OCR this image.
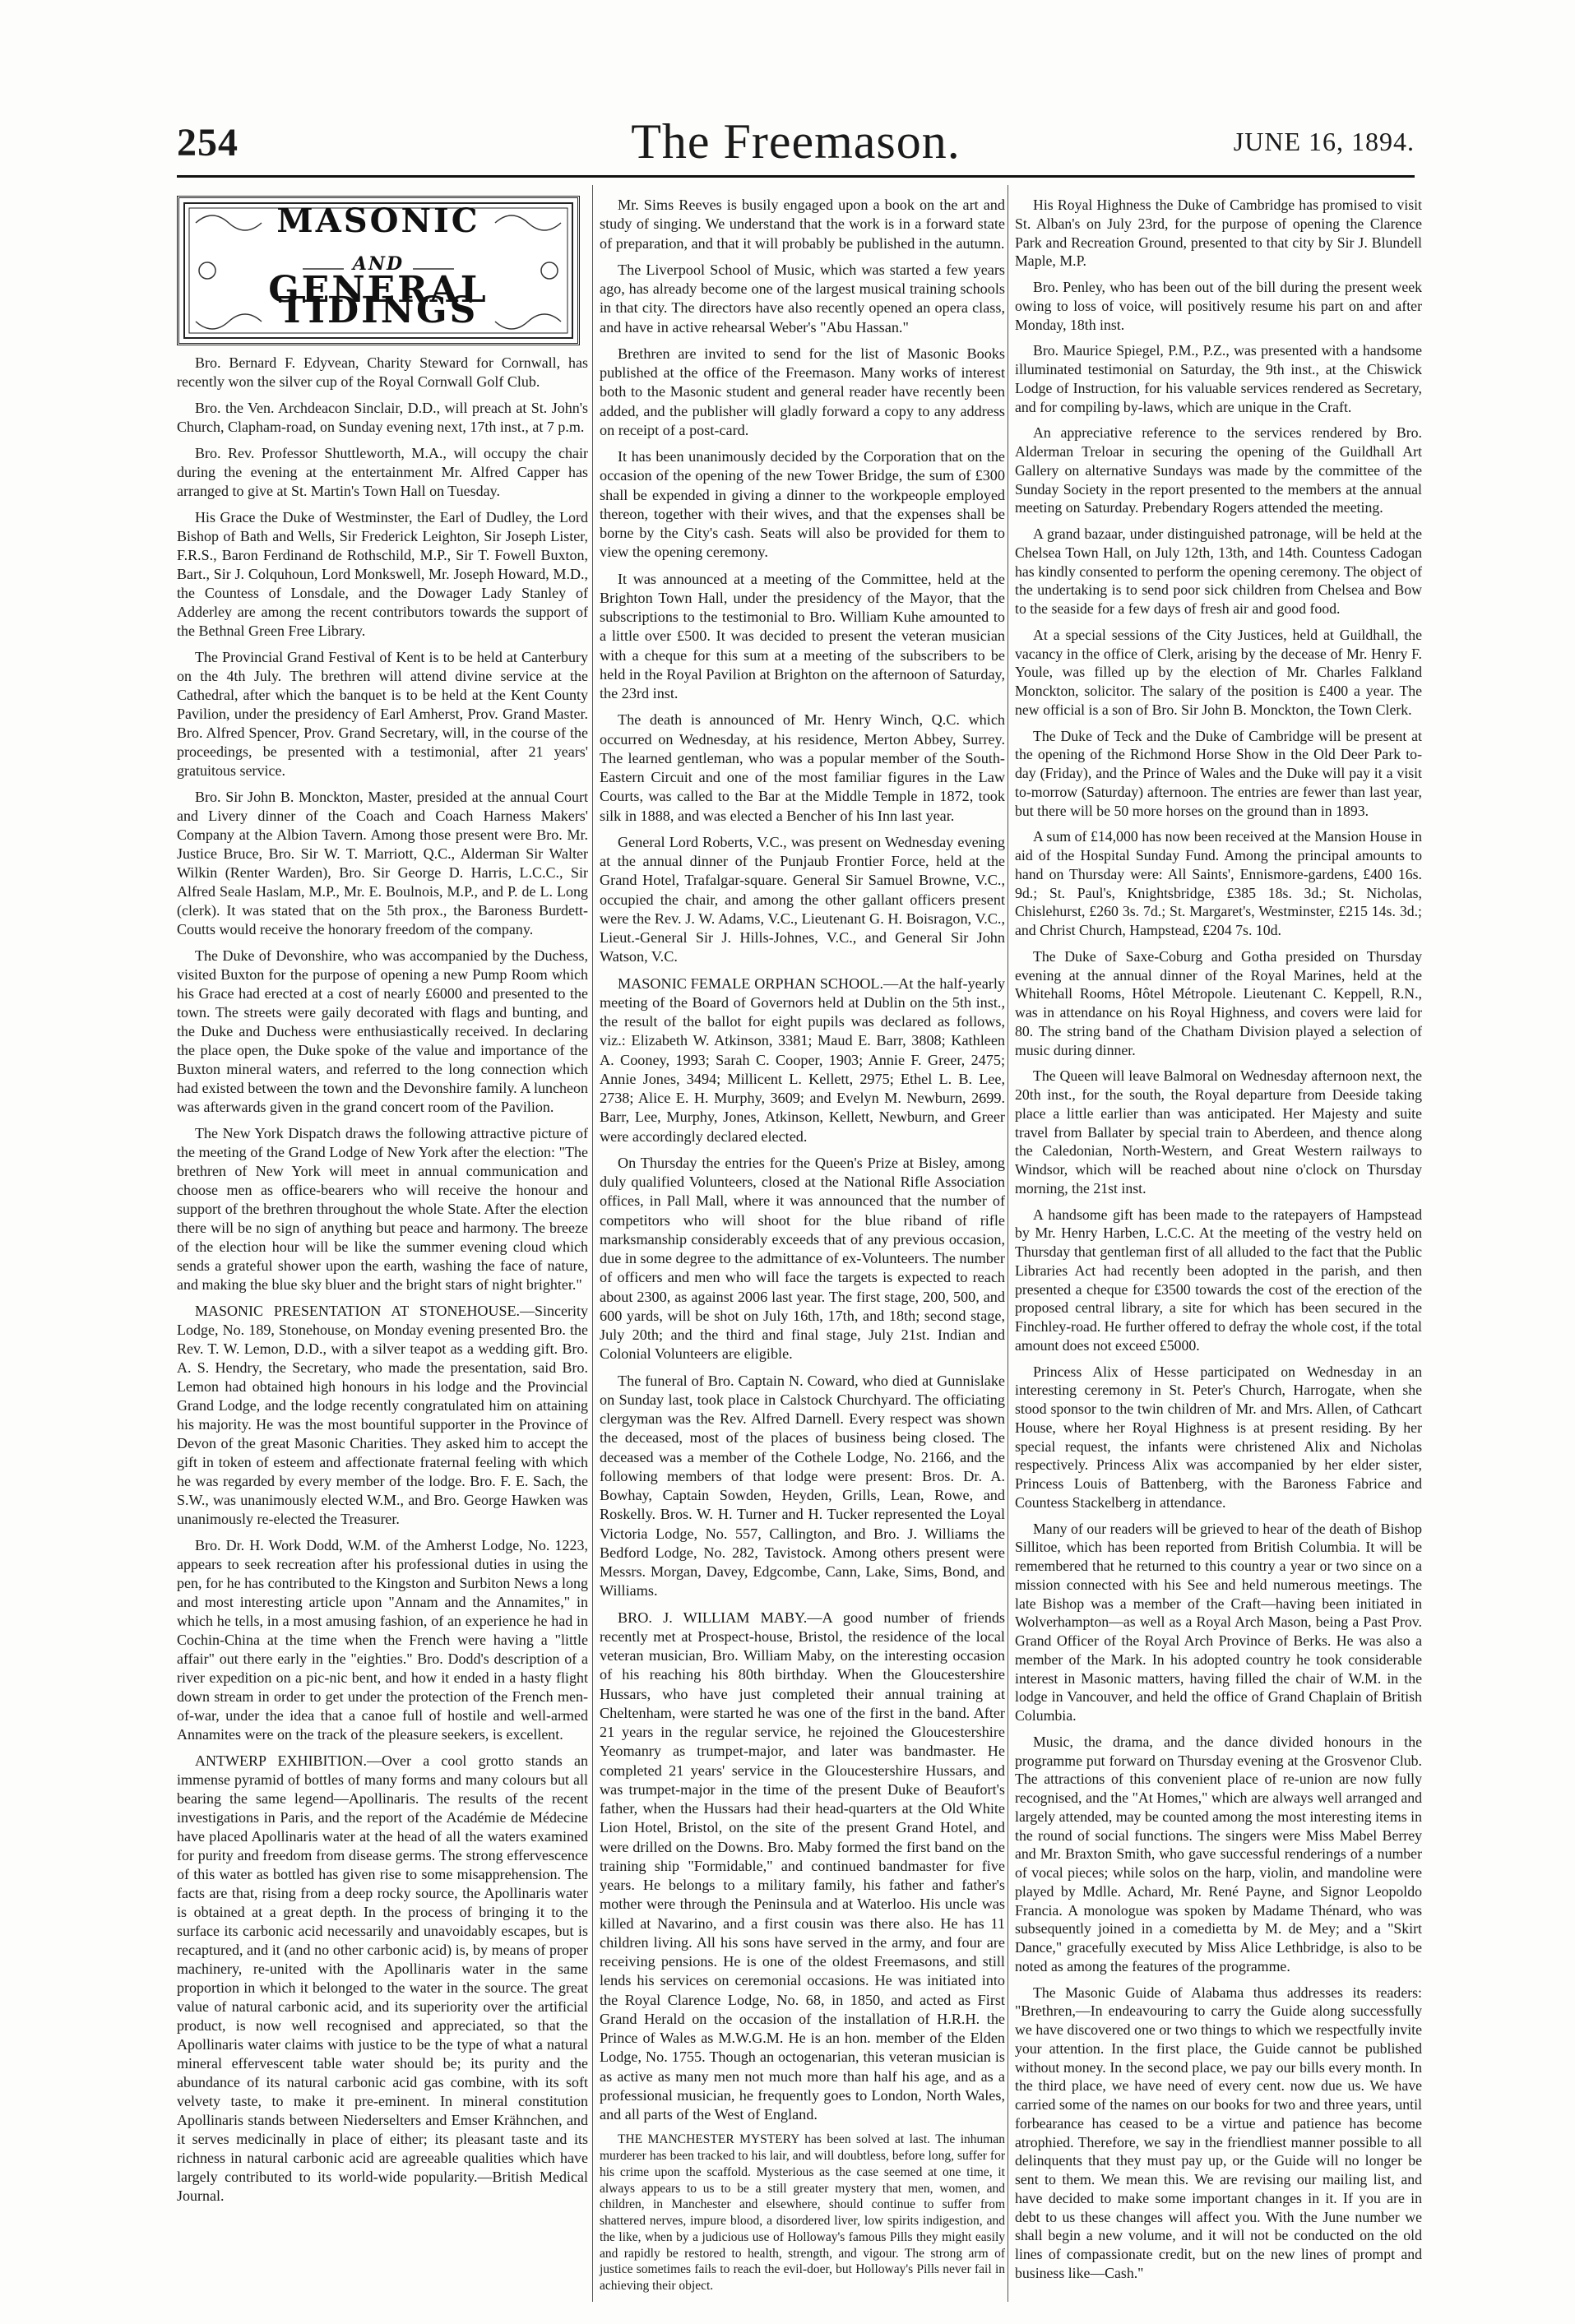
254	The Freemason.	JUNE 16, 1894.
MASONIC
AND
GENERAL TIDINGS

Bro. Bernard F. Edyvean, Charity Steward for Cornwall, has recently won the silver cup of the Royal Cornwall Golf Club.

Bro. the Ven. Archdeacon Sinclair, D.D., will preach at St. John's Church, Clapham-road, on Sunday evening next, 17th inst., at 7 p.m.

Bro. Rev. Professor Shuttleworth, M.A., will occupy the chair during the evening at the entertainment Mr. Alfred Capper has arranged to give at St. Martin's Town Hall on Tuesday.

His Grace the Duke of Westminster, the Earl of Dudley, the Lord Bishop of Bath and Wells, Sir Frederick Leighton, Sir Joseph Lister, F.R.S., Baron Ferdinand de Rothschild, M.P., Sir T. Fowell Buxton, Bart., Sir J. Colquhoun, Lord Monkswell, Mr. Joseph Howard, M.D., the Countess of Lonsdale, and the Dowager Lady Stanley of Adderley are among the recent contributors towards the support of the Bethnal Green Free Library.

The Provincial Grand Festival of Kent is to be held at Canterbury on the 4th July. The brethren will attend divine service at the Cathedral, after which the banquet is to be held at the Kent County Pavilion, under the presidency of Earl Amherst, Prov. Grand Master. Bro. Alfred Spencer, Prov. Grand Secretary, will, in the course of the proceedings, be presented with a testimonial, after 21 years' gratuitous service.

Bro. Sir John B. Monckton, Master, presided at the annual Court and Livery dinner of the Coach and Coach Harness Makers' Company at the Albion Tavern. Among those present were Bro. Mr. Justice Bruce, Bro. Sir W. T. Marriott, Q.C., Alderman Sir Walter Wilkin (Renter Warden), Bro. Sir George D. Harris, L.C.C., Sir Alfred Seale Haslam, M.P., Mr. E. Boulnois, M.P., and P. de L. Long (clerk). It was stated that on the 5th prox., the Baroness Burdett-Coutts would receive the honorary freedom of the company.

The Duke of Devonshire, who was accompanied by the Duchess, visited Buxton for the purpose of opening a new Pump Room which his Grace had erected at a cost of nearly £6000 and presented to the town. The streets were gaily decorated with flags and bunting, and the Duke and Duchess were enthusiastically received. In declaring the place open, the Duke spoke of the value and importance of the Buxton mineral waters, and referred to the long connection which had existed between the town and the Devonshire family. A luncheon was afterwards given in the grand concert room of the Pavilion.

The New York Dispatch draws the following attractive picture of the meeting of the Grand Lodge of New York after the election: "The brethren of New York will meet in annual communication and choose men as office-bearers who will receive the honour and support of the brethren throughout the whole State. After the election there will be no sign of anything but peace and harmony. The breeze of the election hour will be like the summer evening cloud which sends a grateful shower upon the earth, washing the face of nature, and making the blue sky bluer and the bright stars of night brighter."

MASONIC PRESENTATION AT STONEHOUSE.—Sincerity Lodge, No. 189, Stonehouse, on Monday evening presented Bro. the Rev. T. W. Lemon, D.D., with a silver teapot as a wedding gift. Bro. A. S. Hendry, the Secretary, who made the presentation, said Bro. Lemon had obtained high honours in his lodge and the Provincial Grand Lodge, and the lodge recently congratulated him on attaining his majority. He was the most bountiful supporter in the Province of Devon of the great Masonic Charities. They asked him to accept the gift in token of esteem and affectionate fraternal feeling with which he was regarded by every member of the lodge. Bro. F. E. Sach, the S.W., was unanimously elected W.M., and Bro. George Hawken was unanimously re-elected the Treasurer.

Bro. Dr. H. Work Dodd, W.M. of the Amherst Lodge, No. 1223, appears to seek recreation after his professional duties in using the pen, for he has contributed to the Kingston and Surbiton News a long and most interesting article upon "Annam and the Annamites," in which he tells, in a most amusing fashion, of an experience he had in Cochin-China at the time when the French were having a "little affair" out there early in the "eighties." Bro. Dodd's description of a river expedition on a pic-nic bent, and how it ended in a hasty flight down stream in order to get under the protection of the French men-of-war, under the idea that a canoe full of hostile and well-armed Annamites were on the track of the pleasure seekers, is excellent.

ANTWERP EXHIBITION.—Over a cool grotto stands an immense pyramid of bottles of many forms and many colours but all bearing the same legend—Apollinaris. The results of the recent investigations in Paris, and the report of the Académie de Médecine have placed Apollinaris water at the head of all the waters examined for purity and freedom from disease germs. The strong effervescence of this water as bottled has given rise to some misapprehension. The facts are that, rising from a deep rocky source, the Apollinaris water is obtained at a great depth. In the process of bringing it to the surface its carbonic acid necessarily and unavoidably escapes, but is recaptured, and it (and no other carbonic acid) is, by means of proper machinery, re-united with the Apollinaris water in the same proportion in which it belonged to the water in the source. The great value of natural carbonic acid, and its superiority over the artificial product, is now well recognised and appreciated, so that the Apollinaris water claims with justice to be the type of what a natural mineral effervescent table water should be; its purity and the abundance of its natural carbonic acid gas combine, with its soft velvety taste, to make it pre-eminent. In mineral constitution Apollinaris stands between Niederselters and Emser Krähnchen, and it serves medicinally in place of either; its pleasant taste and its richness in natural carbonic acid are agreeable qualities which have largely contributed to its world-wide popularity.—British Medical Journal.

Mr. Sims Reeves is busily engaged upon a book on the art and study of singing. We understand that the work is in a forward state of preparation, and that it will probably be published in the autumn.

The Liverpool School of Music, which was started a few years ago, has already become one of the largest musical training schools in that city. The directors have also recently opened an opera class, and have in active rehearsal Weber's "Abu Hassan."

Brethren are invited to send for the list of Masonic Books published at the office of the Freemason. Many works of interest both to the Masonic student and general reader have recently been added, and the publisher will gladly forward a copy to any address on receipt of a post-card.

It has been unanimously decided by the Corporation that on the occasion of the opening of the new Tower Bridge, the sum of £300 shall be expended in giving a dinner to the workpeople employed thereon, together with their wives, and that the expenses shall be borne by the City's cash. Seats will also be provided for them to view the opening ceremony.

It was announced at a meeting of the Committee, held at the Brighton Town Hall, under the presidency of the Mayor, that the subscriptions to the testimonial to Bro. William Kuhe amounted to a little over £500. It was decided to present the veteran musician with a cheque for this sum at a meeting of the subscribers to be held in the Royal Pavilion at Brighton on the afternoon of Saturday, the 23rd inst.

The death is announced of Mr. Henry Winch, Q.C. which occurred on Wednesday, at his residence, Merton Abbey, Surrey. The learned gentleman, who was a popular member of the South-Eastern Circuit and one of the most familiar figures in the Law Courts, was called to the Bar at the Middle Temple in 1872, took silk in 1888, and was elected a Bencher of his Inn last year.

General Lord Roberts, V.C., was present on Wednesday evening at the annual dinner of the Punjaub Frontier Force, held at the Grand Hotel, Trafalgar-square. General Sir Samuel Browne, V.C., occupied the chair, and among the other gallant officers present were the Rev. J. W. Adams, V.C., Lieutenant G. H. Boisragon, V.C., Lieut.-General Sir J. Hills-Johnes, V.C., and General Sir John Watson, V.C.

MASONIC FEMALE ORPHAN SCHOOL.—At the half-yearly meeting of the Board of Governors held at Dublin on the 5th inst., the result of the ballot for eight pupils was declared as follows, viz.: Elizabeth W. Atkinson, 3381; Maud E. Barr, 3808; Kathleen A. Cooney, 1993; Sarah C. Cooper, 1903; Annie F. Greer, 2475; Annie Jones, 3494; Millicent L. Kellett, 2975; Ethel L. B. Lee, 2738; Alice E. H. Murphy, 3609; and Evelyn M. Newburn, 2699. Barr, Lee, Murphy, Jones, Atkinson, Kellett, Newburn, and Greer were accordingly declared elected.

On Thursday the entries for the Queen's Prize at Bisley, among duly qualified Volunteers, closed at the National Rifle Association offices, in Pall Mall, where it was announced that the number of competitors who will shoot for the blue riband of rifle marksmanship considerably exceeds that of any previous occasion, due in some degree to the admittance of ex-Volunteers. The number of officers and men who will face the targets is expected to reach about 2300, as against 2006 last year. The first stage, 200, 500, and 600 yards, will be shot on July 16th, 17th, and 18th; second stage, July 20th; and the third and final stage, July 21st. Indian and Colonial Volunteers are eligible.

The funeral of Bro. Captain N. Coward, who died at Gunnislake on Sunday last, took place in Calstock Churchyard. The officiating clergyman was the Rev. Alfred Darnell. Every respect was shown the deceased, most of the places of business being closed. The deceased was a member of the Cothele Lodge, No. 2166, and the following members of that lodge were present: Bros. Dr. A. Bowhay, Captain Sowden, Heyden, Grills, Lean, Rowe, and Roskelly. Bros. W. H. Turner and H. Tucker represented the Loyal Victoria Lodge, No. 557, Callington, and Bro. J. Williams the Bedford Lodge, No. 282, Tavistock. Among others present were Messrs. Morgan, Davey, Edgcombe, Cann, Lake, Sims, Bond, and Williams.

BRO. J. WILLIAM MABY.—A good number of friends recently met at Prospect-house, Bristol, the residence of the local veteran musician, Bro. William Maby, on the interesting occasion of his reaching his 80th birthday. When the Gloucestershire Hussars, who have just completed their annual training at Cheltenham, were started he was one of the first in the band. After 21 years in the regular service, he rejoined the Gloucestershire Yeomanry as trumpet-major, and later was bandmaster. He completed 21 years' service in the Gloucestershire Hussars, and was trumpet-major in the time of the present Duke of Beaufort's father, when the Hussars had their head-quarters at the Old White Lion Hotel, Bristol, on the site of the present Grand Hotel, and were drilled on the Downs. Bro. Maby formed the first band on the training ship "Formidable," and continued bandmaster for five years. He belongs to a military family, his father and father's mother were through the Peninsula and at Waterloo. His uncle was killed at Navarino, and a first cousin was there also. He has 11 children living. All his sons have served in the army, and four are receiving pensions. He is one of the oldest Freemasons, and still lends his services on ceremonial occasions. He was initiated into the Royal Clarence Lodge, No. 68, in 1850, and acted as First Grand Herald on the occasion of the installation of H.R.H. the Prince of Wales as M.W.G.M. He is an hon. member of the Elden Lodge, No. 1755. Though an octogenarian, this veteran musician is as active as many men not much more than half his age, and as a professional musician, he frequently goes to London, North Wales, and all parts of the West of England.

THE MANCHESTER MYSTERY has been solved at last. The inhuman murderer has been tracked to his lair, and will doubtless, before long, suffer for his crime upon the scaffold. Mysterious as the case seemed at one time, it always appears to us to be a still greater mystery that men, women, and children, in Manchester and elsewhere, should continue to suffer from shattered nerves, impure blood, a disordered liver, low spirits indigestion, and the like, when by a judicious use of Holloway's famous Pills they might easily and rapidly be restored to health, strength, and vigour. The strong arm of justice sometimes fails to reach the evil-doer, but Holloway's Pills never fail in achieving their object.

His Royal Highness the Duke of Cambridge has promised to visit St. Alban's on July 23rd, for the purpose of opening the Clarence Park and Recreation Ground, presented to that city by Sir J. Blundell Maple, M.P.

Bro. Penley, who has been out of the bill during the present week owing to loss of voice, will positively resume his part on and after Monday, 18th inst.

Bro. Maurice Spiegel, P.M., P.Z., was presented with a handsome illuminated testimonial on Saturday, the 9th inst., at the Chiswick Lodge of Instruction, for his valuable services rendered as Secretary, and for compiling by-laws, which are unique in the Craft.

An appreciative reference to the services rendered by Bro. Alderman Treloar in securing the opening of the Guildhall Art Gallery on alternative Sundays was made by the committee of the Sunday Society in the report presented to the members at the annual meeting on Saturday. Prebendary Rogers attended the meeting.

A grand bazaar, under distinguished patronage, will be held at the Chelsea Town Hall, on July 12th, 13th, and 14th. Countess Cadogan has kindly consented to perform the opening ceremony. The object of the undertaking is to send poor sick children from Chelsea and Bow to the seaside for a few days of fresh air and good food.

At a special sessions of the City Justices, held at Guildhall, the vacancy in the office of Clerk, arising by the decease of Mr. Henry F. Youle, was filled up by the election of Mr. Charles Falkland Monckton, solicitor. The salary of the position is £400 a year. The new official is a son of Bro. Sir John B. Monckton, the Town Clerk.

The Duke of Teck and the Duke of Cambridge will be present at the opening of the Richmond Horse Show in the Old Deer Park to-day (Friday), and the Prince of Wales and the Duke will pay it a visit to-morrow (Saturday) afternoon. The entries are fewer than last year, but there will be 50 more horses on the ground than in 1893.

A sum of £14,000 has now been received at the Mansion House in aid of the Hospital Sunday Fund. Among the principal amounts to hand on Thursday were: All Saints', Ennismore-gardens, £400 16s. 9d.; St. Paul's, Knightsbridge, £385 18s. 3d.; St. Nicholas, Chislehurst, £260 3s. 7d.; St. Margaret's, Westminster, £215 14s. 3d.; and Christ Church, Hampstead, £204 7s. 10d.

The Duke of Saxe-Coburg and Gotha presided on Thursday evening at the annual dinner of the Royal Marines, held at the Whitehall Rooms, Hôtel Métropole. Lieutenant C. Keppell, R.N., was in attendance on his Royal Highness, and covers were laid for 80. The string band of the Chatham Division played a selection of music during dinner.

The Queen will leave Balmoral on Wednesday afternoon next, the 20th inst., for the south, the Royal departure from Deeside taking place a little earlier than was anticipated. Her Majesty and suite travel from Ballater by special train to Aberdeen, and thence along the Caledonian, North-Western, and Great Western railways to Windsor, which will be reached about nine o'clock on Thursday morning, the 21st inst.

A handsome gift has been made to the ratepayers of Hampstead by Mr. Henry Harben, L.C.C. At the meeting of the vestry held on Thursday that gentleman first of all alluded to the fact that the Public Libraries Act had recently been adopted in the parish, and then presented a cheque for £3500 towards the cost of the erection of the proposed central library, a site for which has been secured in the Finchley-road. He further offered to defray the whole cost, if the total amount does not exceed £5000.

Princess Alix of Hesse participated on Wednesday in an interesting ceremony in St. Peter's Church, Harrogate, when she stood sponsor to the twin children of Mr. and Mrs. Allen, of Cathcart House, where her Royal Highness is at present residing. By her special request, the infants were christened Alix and Nicholas respectively. Princess Alix was accompanied by her elder sister, Princess Louis of Battenberg, with the Baroness Fabrice and Countess Stackelberg in attendance.

Many of our readers will be grieved to hear of the death of Bishop Sillitoe, which has been reported from British Columbia. It will be remembered that he returned to this country a year or two since on a mission connected with his See and held numerous meetings. The late Bishop was a member of the Craft—having been initiated in Wolverhampton—as well as a Royal Arch Mason, being a Past Prov. Grand Officer of the Royal Arch Province of Berks. He was also a member of the Mark. In his adopted country he took considerable interest in Masonic matters, having filled the chair of W.M. in the lodge in Vancouver, and held the office of Grand Chaplain of British Columbia.

Music, the drama, and the dance divided honours in the programme put forward on Thursday evening at the Grosvenor Club. The attractions of this convenient place of re-union are now fully recognised, and the "At Homes," which are always well arranged and largely attended, may be counted among the most interesting items in the round of social functions. The singers were Miss Mabel Berrey and Mr. Braxton Smith, who gave successful renderings of a number of vocal pieces; while solos on the harp, violin, and mandoline were played by Mdlle. Achard, Mr. René Payne, and Signor Leopoldo Francia. A monologue was spoken by Madame Thénard, who was subsequently joined in a comedietta by M. de Mey; and a "Skirt Dance," gracefully executed by Miss Alice Lethbridge, is also to be noted as among the features of the programme.

The Masonic Guide of Alabama thus addresses its readers: "Brethren,—In endeavouring to carry the Guide along successfully we have discovered one or two things to which we respectfully invite your attention. In the first place, the Guide cannot be published without money. In the second place, we pay our bills every month. In the third place, we have need of every cent. now due us. We have carried some of the names on our books for two and three years, until forbearance has ceased to be a virtue and patience has become atrophied. Therefore, we say in the friendliest manner possible to all delinquents that they must pay up, or the Guide will no longer be sent to them. We mean this. We are revising our mailing list, and have decided to make some important changes in it. If you are in debt to us these changes will affect you. With the June number we shall begin a new volume, and it will not be conducted on the old lines of compassionate credit, but on the new lines of prompt and business like—Cash."
